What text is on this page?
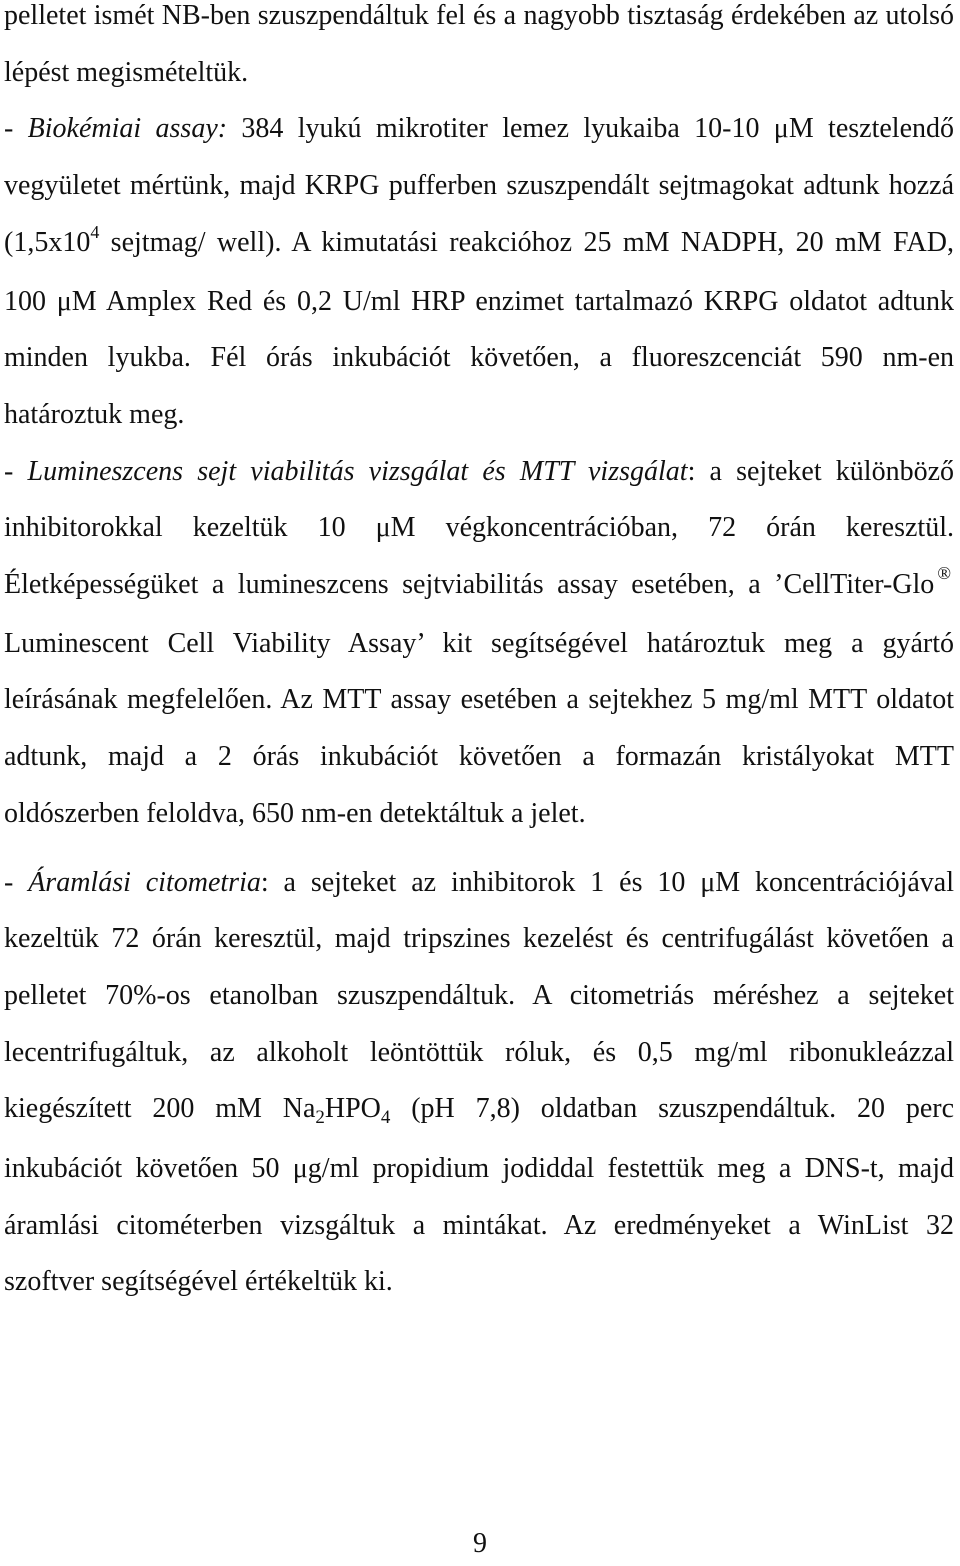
pelletet ismét NB-ben szuszpendáltuk fel és a nagyobb tisztaság érdekében az utolsó lépést megismételtük.

- Biokémiai assay: 384 lyukú mikrotiter lemez lyukaiba 10-10 μM tesztelendő vegyületet mértünk, majd KRPG pufferben szuszpendált sejtmagokat adtunk hozzá ($1,5x10^4$ sejtmag/ well). A kimutatási reakcióhoz 25 mM NADPH, 20 mM FAD, 100 μM Amplex Red és 0,2 U/ml HRP enzimet tartalmazó KRPG oldatot adtunk minden lyukba. Fél órás inkubációt követően, a fluoreszcenciát 590 nm-en határoztuk meg.

- Lumineszcens sejt viabilitás vizsgálat és MTT vizsgálat: a sejteket különböző inhibitorokkal kezeltük 10 μM végkoncentrációban, 72 órán keresztül. Életképességüket a lumineszcens sejtviabilitás assay esetében, a ’CellTiter-Glo ® Luminescent Cell Viability Assay’ kit segítségével határoztuk meg a gyártó leírásának megfelelően. Az MTT assay esetében a sejtekhez 5 mg/ml MTT oldatot adtunk, majd a 2 órás inkubációt követően a formazán kristályokat MTT oldószerben feloldva, 650 nm-en detektáltuk a jelet.

- Áramlási citometria: a sejteket az inhibitorok 1 és 10 μM koncentrációjával kezeltük 72 órán keresztül, majd tripszines kezelést és centrifugálást követően a pelletet 70%-os etanolban szuszpendáltuk. A citometriás méréshez a sejteket lecentrifugáltuk, az alkoholt leöntöttük róluk, és 0,5 mg/ml ribonukleázzal kiegészített 200 mM $Na_2HPO_4$ (pH 7,8) oldatban szuszpendáltuk. 20 perc inkubációt követően 50 μg/ml propidium jodiddal festettük meg a DNS-t, majd áramlási citométerben vizsgáltuk a mintákat. Az eredményeket a WinList 32 szoftver segítségével értékeltük ki.

9
